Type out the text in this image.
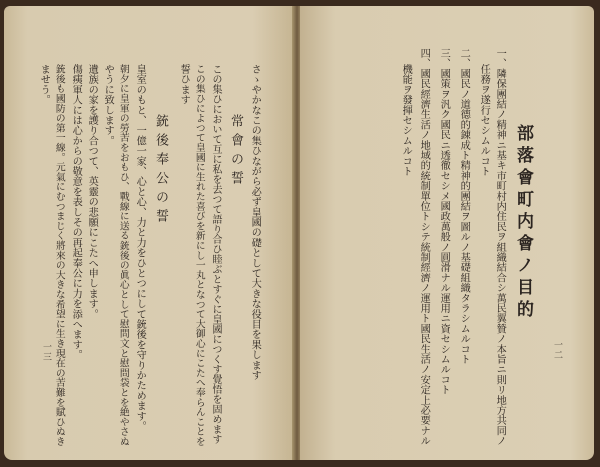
常會の誓 さゝやかなこの集ひながら必ず皇國の礎として大きな役目を果します
この集ひにおいて互に私を去つて語り合ひ睦ぶとすぐに皇國につくす覺悟を固めます
この集ひによつて皇國に生れた喜びを新にし一丸となつて大御心にこたへ奉らんことを
誓ひます
銃後奉公の誓
皇室のもと、一億一家、心と心、力と力をひとつにして銃後を守りかためます。
朝夕に皇軍の勞苦をおもひ、戰線に送る銃後の眞心として慰問文と慰問袋とを絶やさぬ
やうに致します。
遺族の家を護り合つて、英靈の悲願にこたへ申します。
傷痍軍人には心からの敬意を表しその再起奉公に力を添へます。
銃後も國防の第一線。元氣にむつまじく將來の大きな希望に生き現在の苦難を賦ひぬき
ませう。
一三
部落會町内會ノ目的
一、隣保團結ノ精神ニ基キ市町村内住民ヲ組織結合シ萬民翼贊ノ本旨ニ則リ地方共同ノ
任務ヲ遂行セシムルコト
二、國民ノ道德的錬成ト精神的團結ヲ圖ルノ基礎組織タラシムルコト
三、國策ヲ汎ク國民ニ透徹セシメ國政萬般ノ圓滑ナル運用ニ資セシムルコト
四、國民經濟生活ノ地域的統制單位トシテ統制經濟ノ運用ト國民生活ノ安定上必要ナル
機能ヲ發揮セシムルコト
一二
